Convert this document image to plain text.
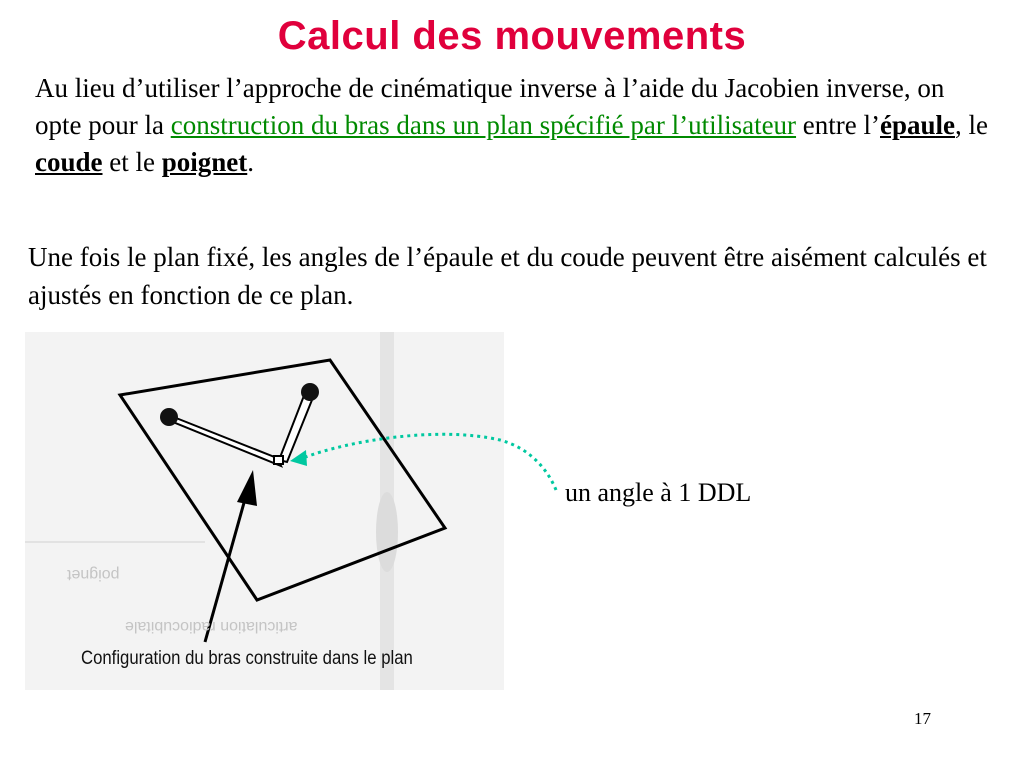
Calcul des mouvements

Au lieu d’utiliser l’approche de cinématique inverse à l’aide du Jacobien inverse, on opte pour la construction du bras dans un plan spécifié par l’utilisateur entre l’épaule, le coude et le poignet.

Une fois le plan fixé, les angles de l’épaule et du coude peuvent être aisément calculés et ajustés en fonction de ce plan.

poignet
articulation radiocubitale
Configuration du bras construite dans le plan
un angle à 1 DDL
17
